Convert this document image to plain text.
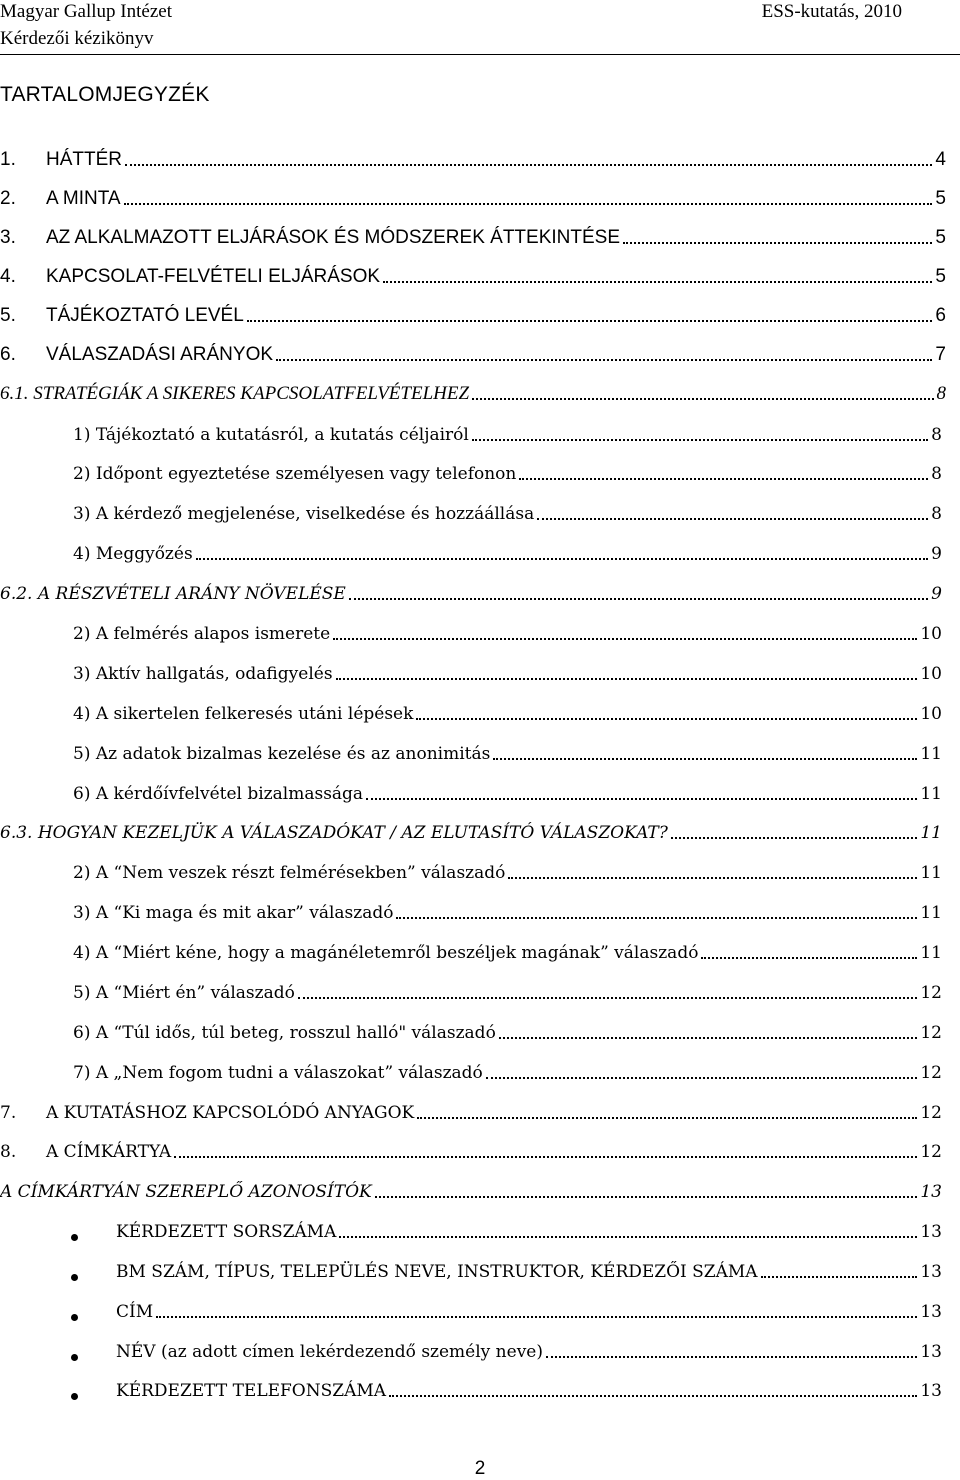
Magyar Gallup Intézet	ESS-kutatás, 2010
Kérdezői kézikönyv
TARTALOMJEGYZÉK
1.	HÁTTÉR	4
2.	A MINTA	5
3.	AZ ALKALMAZOTT ELJÁRÁSOK ÉS MÓDSZEREK ÁTTEKINTÉSE	5
4.	KAPCSOLAT-FELVÉTELI ELJÁRÁSOK	5
5.	TÁJÉKOZTATÓ LEVÉL	6
6.	VÁLASZADÁSI ARÁNYOK	7
6.1. STRATÉGIÁK A SIKERES KAPCSOLATFELVÉTELHEZ	8
1) Tájékoztató a kutatásról, a kutatás céljairól	8
2) Időpont egyeztetése személyesen vagy telefonon	8
3) A kérdező megjelenése, viselkedése és hozzáállása	8
4) Meggyőzés	9
6.2. A RÉSZVÉTELI ARÁNY NÖVELÉSE	9
2) A felmérés alapos ismerete	10
3) Aktív hallgatás, odafigyelés	10
4) A sikertelen felkeresés utáni lépések	10
5) Az adatok bizalmas kezelése és az anonimitás	11
6) A kérdőívfelvétel bizalmassága	11
6.3. HOGYAN KEZELJÜK A VÁLASZADÓKAT / AZ ELUTASÍTÓ VÁLASZOKAT?	11
2) A “Nem veszek részt felmérésekben” válaszadó	11
3) A “Ki maga és mit akar” válaszadó	11
4) A “Miért kéne, hogy a magánéletemről beszéljek magának” válaszadó	11
5) A “Miért én” válaszadó	12
6) A “Túl idős, túl beteg, rosszul halló" válaszadó	12
7) A „Nem fogom tudni a válaszokat” válaszadó	12
7.	A KUTATÁSHOZ KAPCSOLÓDÓ ANYAGOK	12
8.	A CÍMKÁRTYA	12
A CÍMKÁRTYÁN SZEREPLŐ AZONOSÍTÓK	13
KÉRDEZETT SORSZÁMA	13
BM SZÁM, TÍPUS, TELEPÜLÉS NEVE, INSTRUKTOR, KÉRDEZŐI SZÁMA	13
CÍM	13
NÉV (az adott címen lekérdezendő személy neve)	13
KÉRDEZETT TELEFONSZÁMA	13
2
